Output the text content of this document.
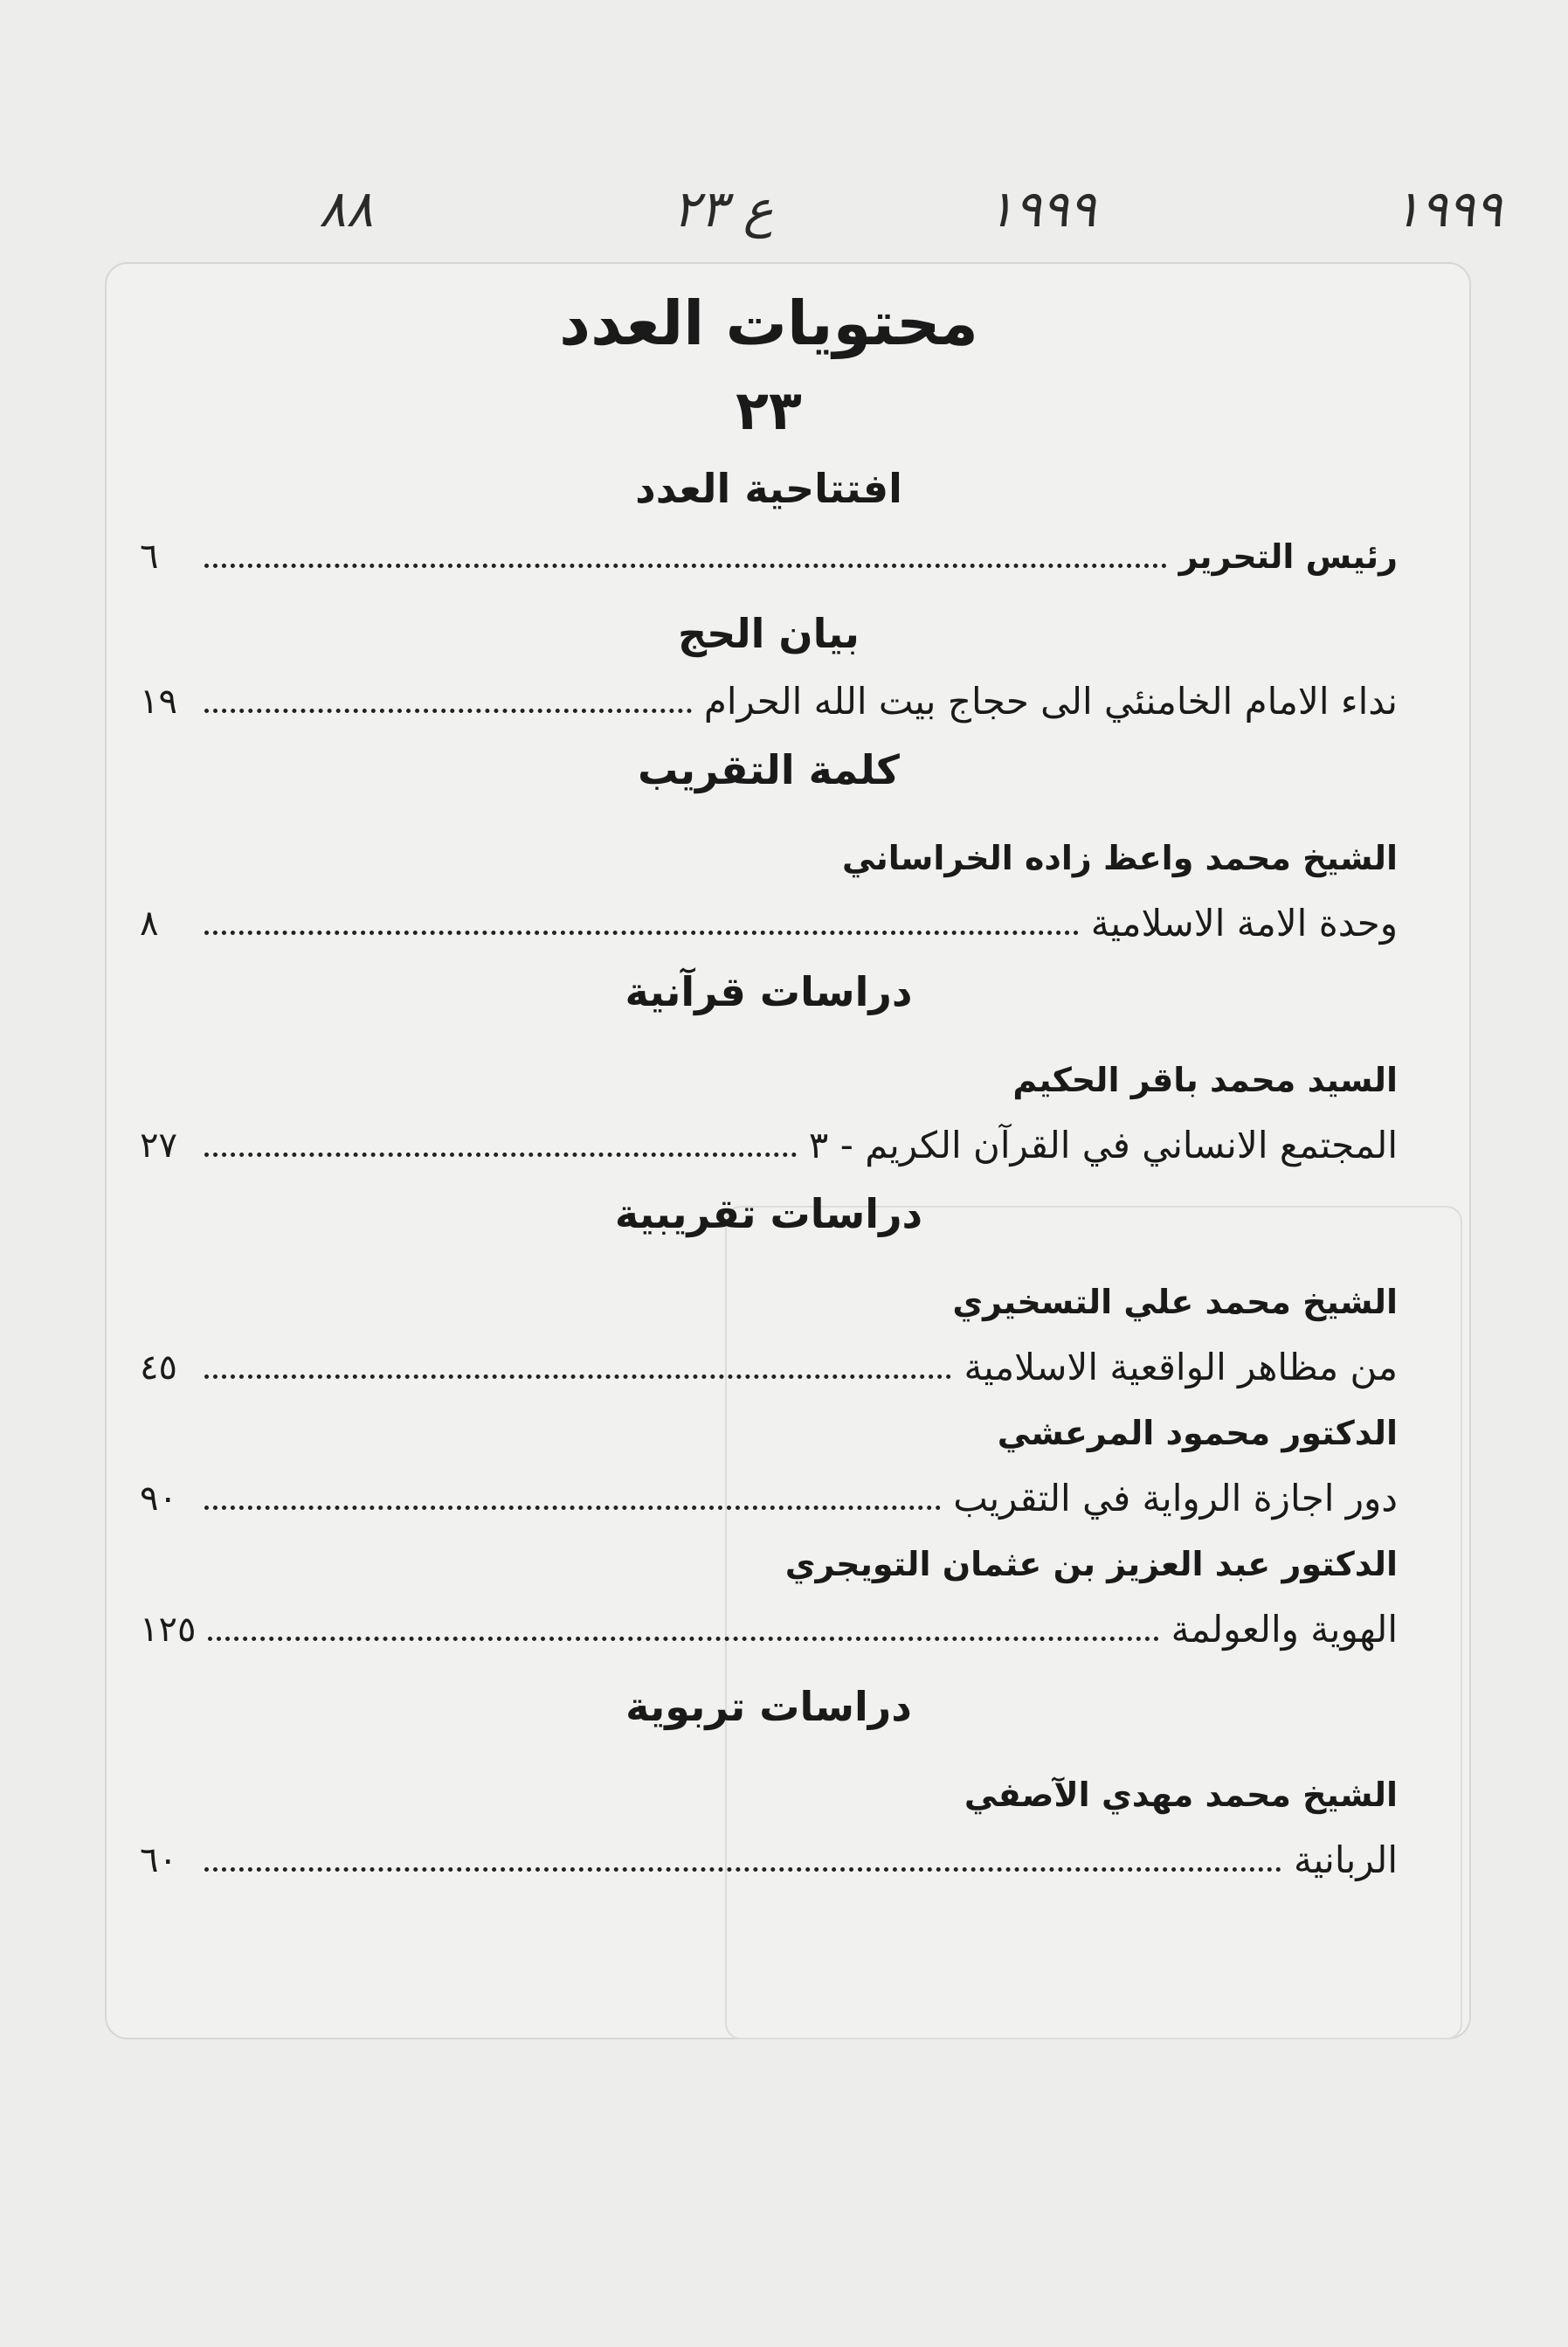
٨٨	ع ٢٣	١٩٩٩	١٩٩٩
محتويات العدد
٢٣
افتتاحية العدد
رئيس التحرير
٦
بيان الحج
نداء الامام الخامنئي الى حجاج بيت الله الحرام
١٩
كلمة التقريب
الشيخ محمد واعظ زاده الخراساني
وحدة الامة الاسلامية
٨
دراسات قرآنية
السيد محمد باقر الحكيم
المجتمع الانساني في القرآن الكريم - ٣
٢٧
دراسات تقريبية
الشيخ محمد علي التسخيري
من مظاهر الواقعية الاسلامية
٤٥
الدكتور محمود المرعشي
دور اجازة الرواية في التقريب
٩٠
الدكتور عبد العزيز بن عثمان التويجري
الهوية والعولمة
١٢٥
دراسات تربوية
الشيخ محمد مهدي الآصفي
الربانية
٦٠
